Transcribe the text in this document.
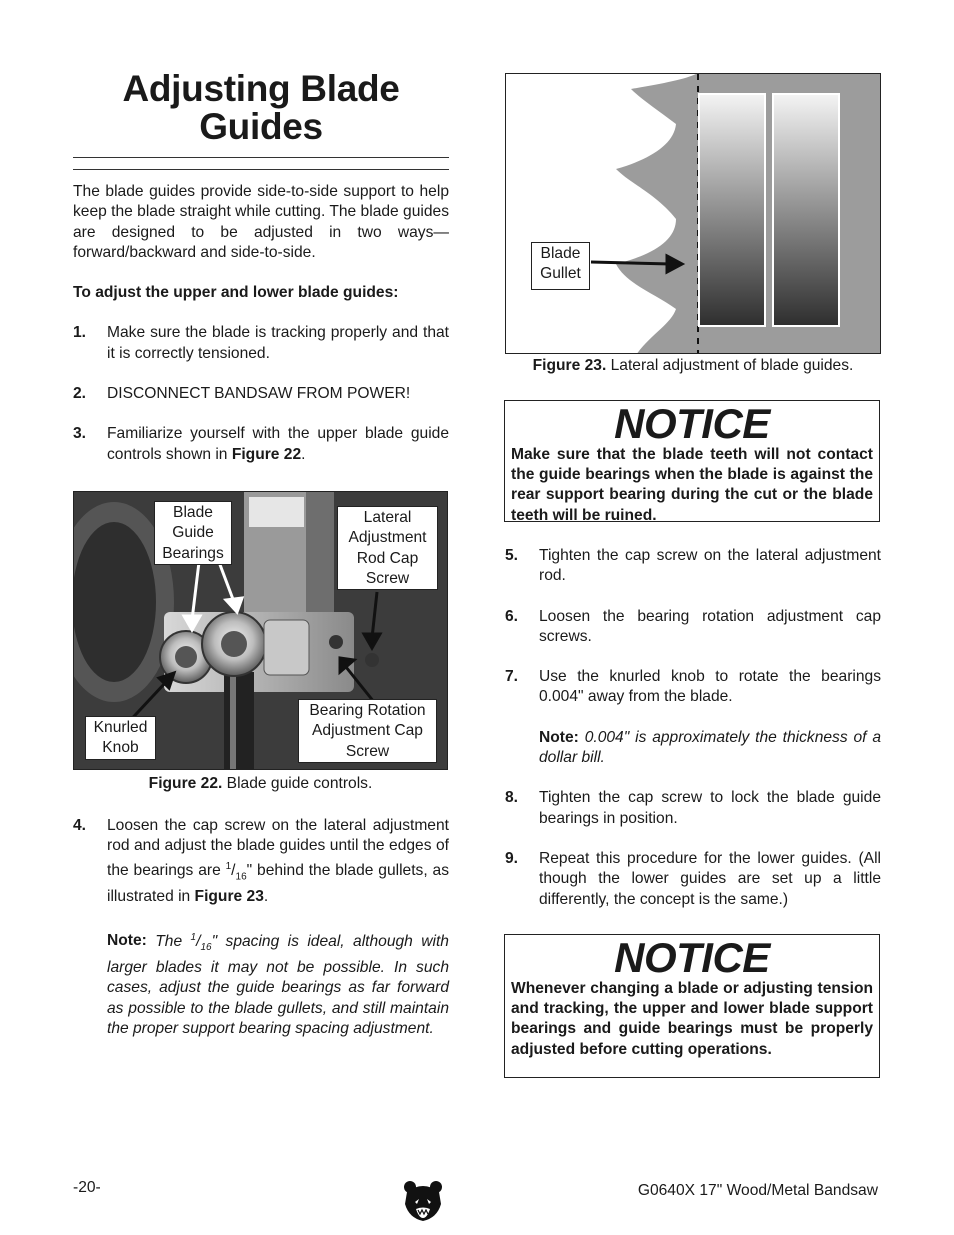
Adjusting Blade
Guides

The blade guides provide side-to-side support to help keep the blade straight while cutting. The blade guides are designed to be adjusted in two ways—forward/backward and side-to-side.

To adjust the upper and lower blade guides:

1.	Make sure the blade is tracking properly and that it is correctly tensioned.
2.	DISCONNECT BANDSAW FROM POWER!
3.	Familiarize yourself with the upper blade guide controls shown in Figure 22.
Blade Guide Bearings
Lateral Adjustment Rod Cap Screw
Knurled Knob
Bearing Rotation Adjustment Cap Screw
Figure 22. Blade guide controls.
4.	Loosen the cap screw on the lateral adjustment rod and adjust the blade guides until the edges of the bearings are $^1/_{16}$" behind the blade gullets, as illustrated in Figure 23.
Note: The $^1/_{16}$" spacing is ideal, although with larger blades it may not be possible. In such cases, adjust the guide bearings as far forward as possible to the blade gullets, and still maintain the proper support bearing spacing adjustment.
Blade Gullet
Figure 23. Lateral adjustment of blade guides.
NOTICE
Make sure that the blade teeth will not contact the guide bearings when the blade is against the rear support bearing during the cut or the blade teeth will be ruined.
5.	Tighten the cap screw on the lateral adjustment rod.
6.	Loosen the bearing rotation adjustment cap screws.
7.	Use the knurled knob to rotate the bearings 0.004" away from the blade.
Note: 0.004" is approximately the thickness of a dollar bill.
8.	Tighten the cap screw to lock the blade guide bearings in position.
9.	Repeat this procedure for the lower guides. (All though the lower guides are set up a little differently, the concept is the same.)
NOTICE
Whenever changing a blade or adjusting tension and tracking, the upper and lower blade support bearings and guide bearings must be properly adjusted before cutting operations.
-20-	G0640X 17" Wood/Metal Bandsaw
